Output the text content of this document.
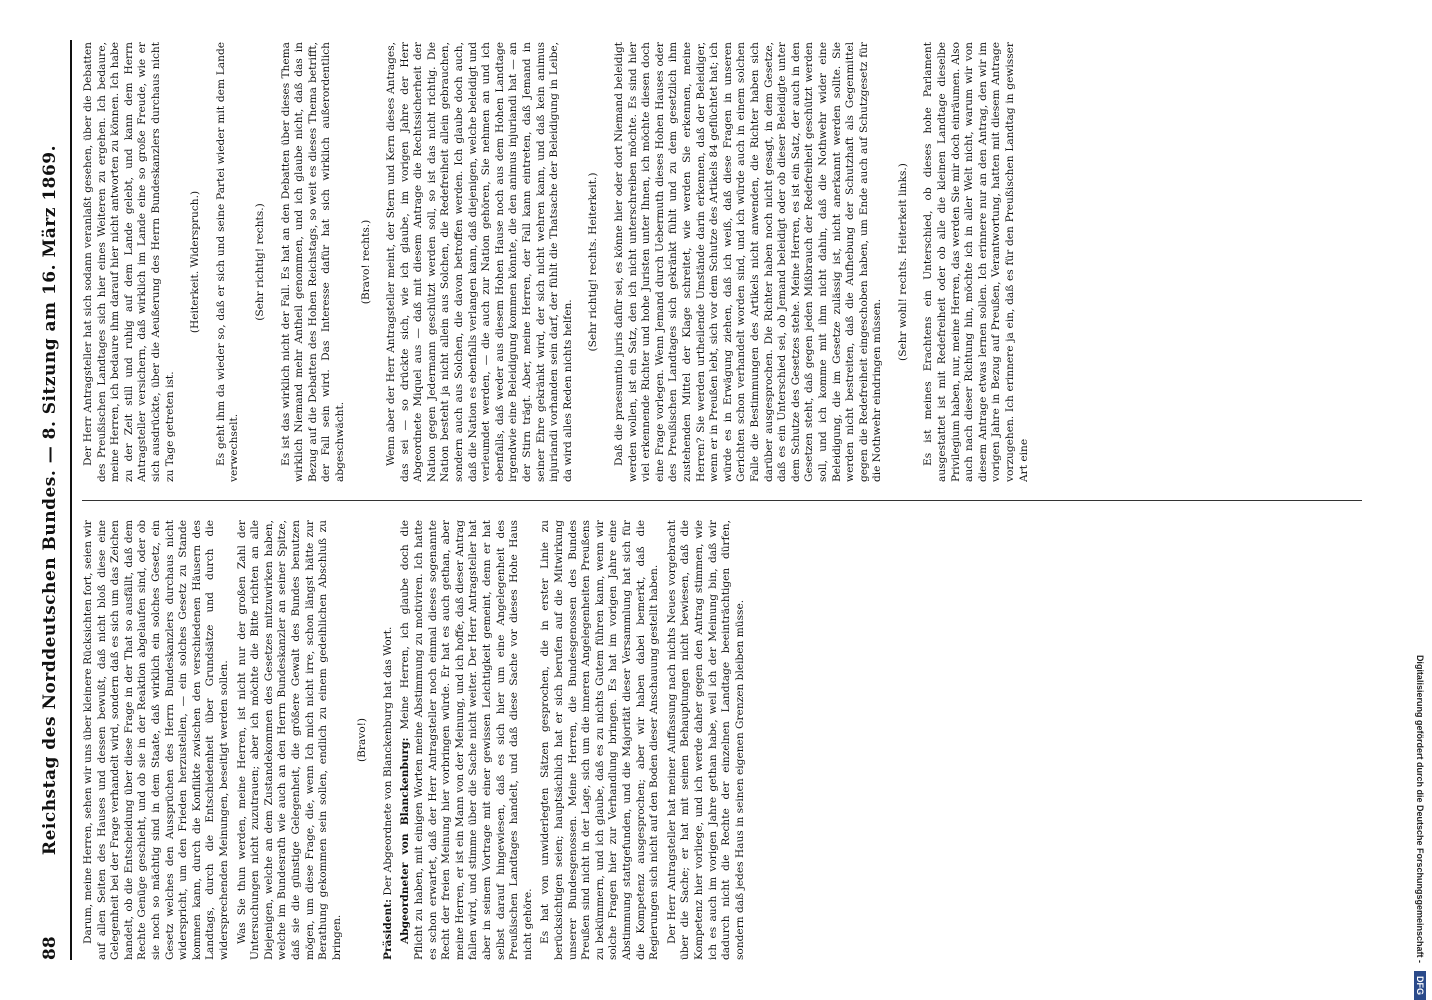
88
Reichstag des Norddeutschen Bundes. — 8. Sitzung am 16. März 1869. Darum, meine Herren, sehen wir uns über kleinere Rücksichten fort, seien wir auf allen Seiten des Hauses und dessen bewußt, daß nicht bloß diese eine Gelegenheit bei der Frage verhandelt wird, sondern daß es sich um das Zeichen handelt, ob die Entscheidung über diese Frage in der That so ausfällt, daß dem Rechte Genüge geschieht, und ob sie in der Reaktion abgelaufen sind, oder ob sie noch so mächtig sind in dem Staate, daß wirklich ein solches Gesetz, ein Gesetz welches den Aussprüchen des Herrn Bundeskanzlers durchaus nicht widerspricht, um den Frieden herzustellen, — ein solches Gesetz zu Stande kommen kann, durch die Konflikte zwischen den verschiedenen Häusern des Landtags, durch die Entschiedenheit über Grundsätze und durch die widersprechenden Meinungen, beseitigt werden sollen. Was Sie thun werden, meine Herren, ist nicht nur der großen Zahl der Untersuchungen nicht zuzutrauen; aber ich möchte die Bitte richten an alle Diejenigen, welche an dem Zustandekommen des Gesetzes mitzuwirken haben, welche im Bundesrath wie auch an den Herrn Bundeskanzler an seiner Spitze, daß sie die günstige Gelegenheit, die größere Gewalt des Bundes benutzen mögen, um diese Frage, die, wenn Ich mich nicht irre, schon längst hätte zur Berathung gekommen sein sollen, endlich zu einem gedeihlichen Abschluß zu bringen.

(Bravo!)

Präsident: Der Abgeordnete von Blanckenburg hat das Wort. Abgeordneter von Blanckenburg: Meine Herren, ich glaube doch die Pflicht zu haben, mit einigen Worten meine Abstimmung zu motiviren. Ich hatte es schon erwartet, daß der Herr Antragsteller noch einmal dieses sogenannte Recht der freien Meinung hier vorbringen würde. Er hat es auch gethan, aber meine Herren, er ist ein Mann von der Meinung, und ich hoffe, daß dieser Antrag fallen wird, und stimme über die Sache nicht weiter. Der Herr Antragsteller hat aber in seinem Vortrage mit einer gewissen Leichtigkeit gemeint, denn er hat selbst darauf hingewiesen, daß es sich hier um eine Angelegenheit des Preußischen Landtages handelt, und daß diese Sache vor dieses Hohe Haus nicht gehöre. Es hat von unwiderlegten Sätzen gesprochen, die in erster Linie zu berücksichtigen seien; hauptsächlich hat er sich berufen auf die Mitwirkung unserer Bundesgenossen. Meine Herren, die Bundesgenossen des Bundes Preußen sind nicht in der Lage, sich um die inneren Angelegenheiten Preußens zu bekümmern, und ich glaube, daß es zu nichts Gutem führen kann, wenn wir solche Fragen hier zur Verhandlung bringen. Es hat im vorigen Jahre eine Abstimmung stattgefunden, und die Majorität dieser Versammlung hat sich für die Kompetenz ausgesprochen; aber wir haben dabei bemerkt, daß die Regierungen sich nicht auf den Boden dieser Anschauung gestellt haben. Der Herr Antragsteller hat meiner Auffassung nach nichts Neues vorgebracht über die Sache; er hat mit seinen Behauptungen nicht bewiesen, daß die Kompetenz hier vorliege, und ich werde daher gegen den Antrag stimmen, wie ich es auch im vorigen Jahre gethan habe, weil ich der Meinung bin, daß wir dadurch nicht die Rechte der einzelnen Landtage beeinträchtigen dürfen, sondern daß jedes Haus in seinen eigenen Grenzen bleiben müsse.

Der Herr Antragsteller hat sich sodann veranlaßt gesehen, über die Debatten des Preußischen Landtages sich hier eines Weiteren zu ergehen. Ich bedaure, meine Herren, ich bedaure ihm darauf hier nicht antworten zu können. Ich habe zu der Zeit still und ruhig auf dem Lande gelebt, und kann dem Herrn Antragsteller versichern, daß wirklich im Lande eine so große Freude, wie er sich ausdrückte, über die Aeußerung des Herrn Bundeskanzlers durchaus nicht zu Tage getreten ist.

(Heiterkeit. Widerspruch.) Es geht ihm da wieder so, daß er sich und seine Partei wieder mit dem Lande verwechselt.

(Sehr richtig! rechts.) Es ist das wirklich nicht der Fall. Es hat an den Debatten über dieses Thema wirklich Niemand mehr Antheil genommen, und ich glaube nicht, daß das in Bezug auf die Debatten des Hohen Reichstags, so weit es dieses Thema betrifft, der Fall sein wird. Das Interesse dafür hat sich wirklich außerordentlich abgeschwächt.

(Bravo! rechts.) Wenn aber der Herr Antragsteller meint, der Stern und Kern dieses Antrages, das sei — so drückte sich, wie ich glaube, im vorigen Jahre der Herr Abgeordnete Miquel aus — daß mit diesem Antrage die Rechtssicherheit der Nation gegen Jedermann geschützt werden soll, so ist das nicht richtig. Die Nation besteht ja nicht allein aus Solchen, die Redefreiheit allein gebrauchen, sondern auch aus Solchen, die davon betroffen werden. Ich glaube doch auch, daß die Nation es ebenfalls verlangen kann, daß diejenigen, welche beleidigt und verleumdet werden, — die auch zur Nation gehören, Sie nehmen an und ich ebenfalls, daß weder aus diesem Hohen Hause noch aus dem Hohen Landtage irgendwie eine Beleidigung kommen könnte, die den animus injuriandi hat — an der Stirn trägt. Aber, meine Herren, der Fall kann eintreten, daß Jemand in seiner Ehre gekränkt wird, der sich nicht wehren kann, und daß kein animus injuriandi vorhanden sein darf, der fühlt die Thatsache der Beleidigung in Leibe, da wird alles Reden nichts helfen.

(Sehr richtig! rechts. Heiterkeit.) Daß die praesumtio juris dafür sei, es könne hier oder dort Niemand beleidigt werden wollen, ist ein Satz, den ich nicht unterschreiben möchte. Es sind hier viel erkennende Richter und hohe Juristen unter Ihnen, ich möchte diesen doch eine Frage vorlegen. Wenn Jemand durch Uebermuth dieses Hohen Hauses oder des Preußischen Landtages sich gekränkt fühlt und zu dem gesetzlich ihm zustehenden Mittel der Klage schreitet, wie werden Sie erkennen, meine Herren? Sie werden urtheilende Umstände darin erkennen, daß der Beleidiger, wenn er in Preußen lebt, sich vor dem Schutze des Artikels 84 geflüchtet hat; ich würde es in Erwägung ziehen, daß ich weiß, daß diese Fragen in unseren Gerichten schon verhandelt worden sind, und ich würde auch in einem solchen Falle die Bestimmungen des Artikels nicht anwenden, die Richter haben sich darüber ausgesprochen. Die Richter haben noch nicht gesagt, in dem Gesetze, daß es ein Unterschied sei, ob Jemand beleidigt oder ob dieser Beleidigte unter dem Schutze des Gesetzes stehe. Meine Herren, es ist ein Satz, der auch in den Gesetzen steht, daß gegen jeden Mißbrauch der Redefreiheit geschützt werden soll, und ich komme mit ihm nicht dahin, daß die Nothwehr wider eine Beleidigung, die im Gesetze zulässig ist, nicht anerkannt werden sollte. Sie werden nicht bestreiten, daß die Aufhebung der Schutzhaft als Gegenmittel gegen die Redefreiheit eingeschoben haben, um Ende auch auf Schutzgesetz für die Nothwehr eindringen müssen.

(Sehr wohl! rechts. Heiterkeit links.) Es ist meines Erachtens ein Unterschied, ob dieses hohe Parlament ausgestattet ist mit Redefreiheit oder ob alle die kleinen Landtage dieselbe Privilegium haben, nur, meine Herren, das werden Sie mir doch einräumen. Also auch nach dieser Richtung hin, möchte ich in aller Welt nicht, warum wir von diesem Antrage etwas lernen sollen. Ich erinnere nur an den Antrag, den wir im vorigen Jahre in Bezug auf Preußen, Verantwortung, hatten mit diesem Antrage vorzugehen. Ich erinnere ja ein, daß es für den Preußischen Landtag in gewisser Art eine

Digitalisierung gefördert durch die Deutsche Forschungsgemeinschaft -
DFG
